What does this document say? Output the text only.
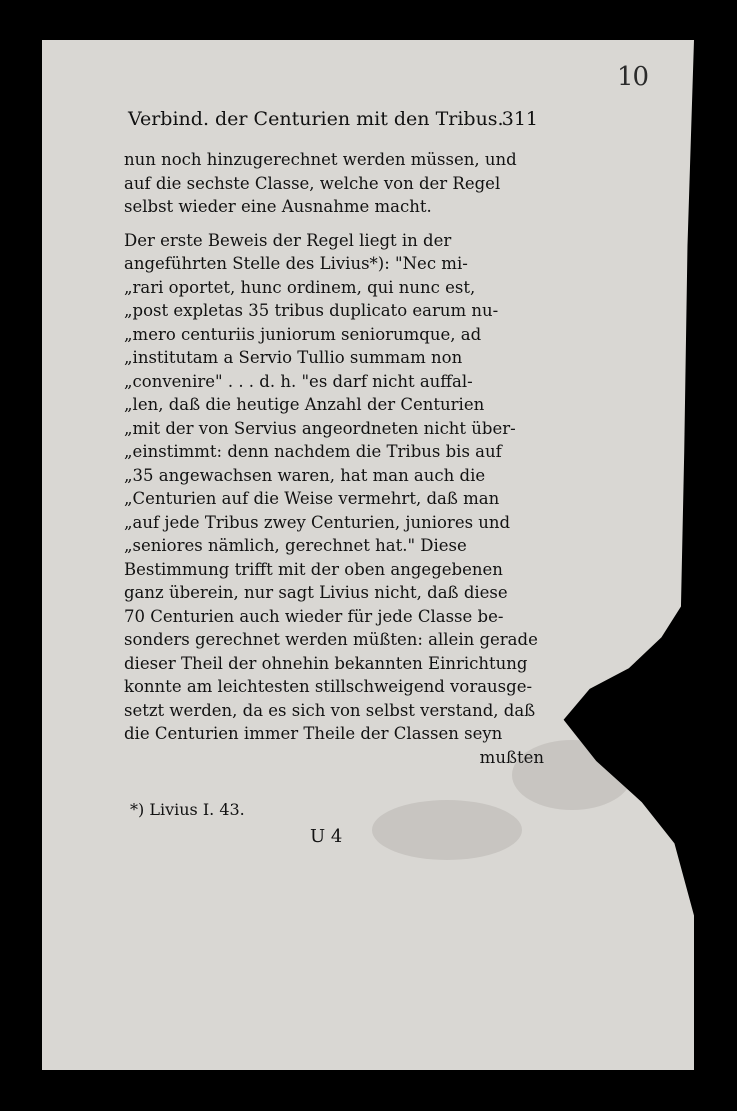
10
Verbind. der Centurien mit den Tribus.
311
nun noch hinzugerechnet werden müssen, und
auf die sechste Classe, welche von der Regel
selbst wieder eine Ausnahme macht.
Der erste Beweis der Regel liegt in der
angeführten Stelle des Livius*): "Nec mi-
„rari oportet, hunc ordinem, qui nunc est,
„post expletas 35 tribus duplicato earum nu-
„mero centuriis juniorum seniorumque, ad
„institutam a Servio Tullio summam non
„convenire" . . . d. h. "es darf nicht auffal-
„len, daß die heutige Anzahl der Centurien
„mit der von Servius angeordneten nicht über-
„einstimmt: denn nachdem die Tribus bis auf
„35 angewachsen waren, hat man auch die
„Centurien auf die Weise vermehrt, daß man
„auf jede Tribus zwey Centurien, juniores und
„seniores nämlich, gerechnet hat." Diese
Bestimmung trifft mit der oben angegebenen
ganz überein, nur sagt Livius nicht, daß diese
70 Centurien auch wieder für jede Classe be-
sonders gerechnet werden müßten: allein gerade
dieser Theil der ohnehin bekannten Einrichtung
konnte am leichtesten stillschweigend vorausge-
setzt werden, da es sich von selbst verstand, daß
die Centurien immer Theile der Classen seyn
mußten
*) Livius I. 43.
U 4
